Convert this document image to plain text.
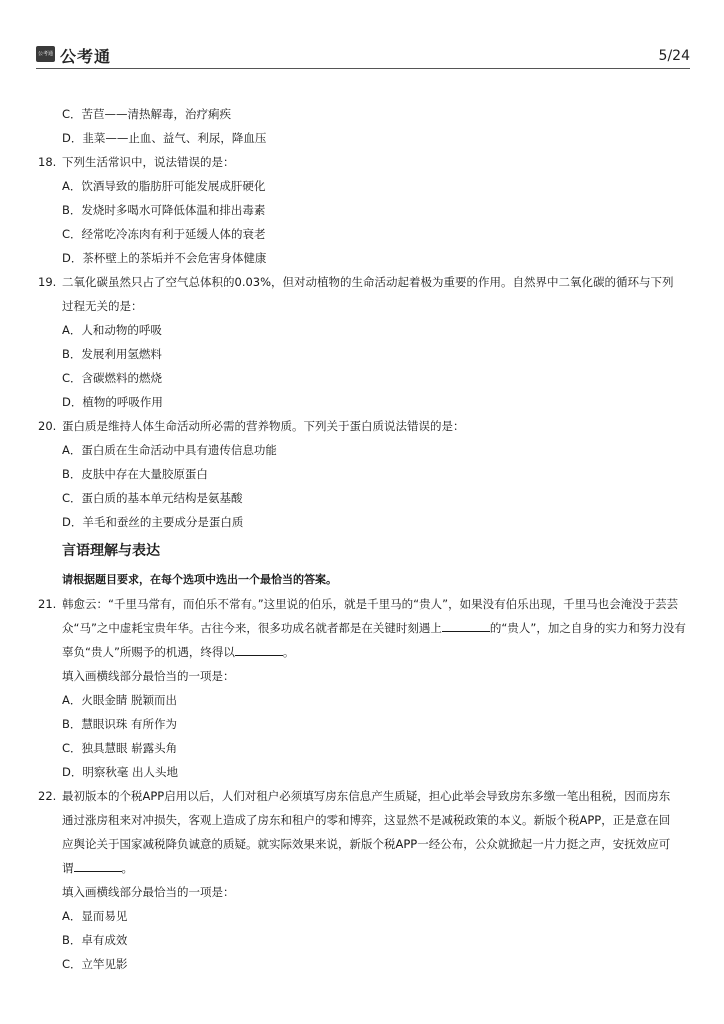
公考通 公考通	5/24
C．苦苣——清热解毒，治疗痢疾
D．韭菜——止血、益气、利尿，降血压
18. 下列生活常识中，说法错误的是：
A．饮酒导致的脂肪肝可能发展成肝硬化
B．发烧时多喝水可降低体温和排出毒素
C．经常吃冷冻肉有利于延缓人体的衰老
D．茶杯壁上的茶垢并不会危害身体健康
19. 二氧化碳虽然只占了空气总体积的0.03%，但对动植物的生命活动起着极为重要的作用。自然界中二氧化碳的循环与下列
过程无关的是：
A．人和动物的呼吸
B．发展利用氢燃料
C．含碳燃料的燃烧
D．植物的呼吸作用
20. 蛋白质是维持人体生命活动所必需的营养物质。下列关于蛋白质说法错误的是：
A．蛋白质在生命活动中具有遗传信息功能
B．皮肤中存在大量胶原蛋白
C．蛋白质的基本单元结构是氨基酸
D．羊毛和蚕丝的主要成分是蛋白质
言语理解与表达
请根据题目要求，在每个选项中选出一个最恰当的答案。
21. 韩愈云：“千里马常有，而伯乐不常有。”这里说的伯乐，就是千里马的“贵人”，如果没有伯乐出现，千里马也会淹没于芸芸
众“马”之中虚耗宝贵年华。古往今来，很多功成名就者都是在关键时刻遇上	的“贵人”，加之自身的实力和努力没有
辜负“贵人”所赐予的机遇，终得以	。
填入画横线部分最恰当的一项是：
A．火眼金睛 脱颖而出
B．慧眼识珠 有所作为
C．独具慧眼 崭露头角
D．明察秋毫 出人头地
22. 最初版本的个税APP启用以后，人们对租户必须填写房东信息产生质疑，担心此举会导致房东多缴一笔出租税，因而房东
通过涨房租来对冲损失，客观上造成了房东和租户的零和博弈，这显然不是减税政策的本义。新版个税APP，正是意在回
应舆论关于国家减税降负诚意的质疑。就实际效果来说，新版个税APP一经公布，公众就掀起一片力挺之声，安抚效应可
谓	。
填入画横线部分最恰当的一项是：
A．显而易见
B．卓有成效
C．立竿见影
